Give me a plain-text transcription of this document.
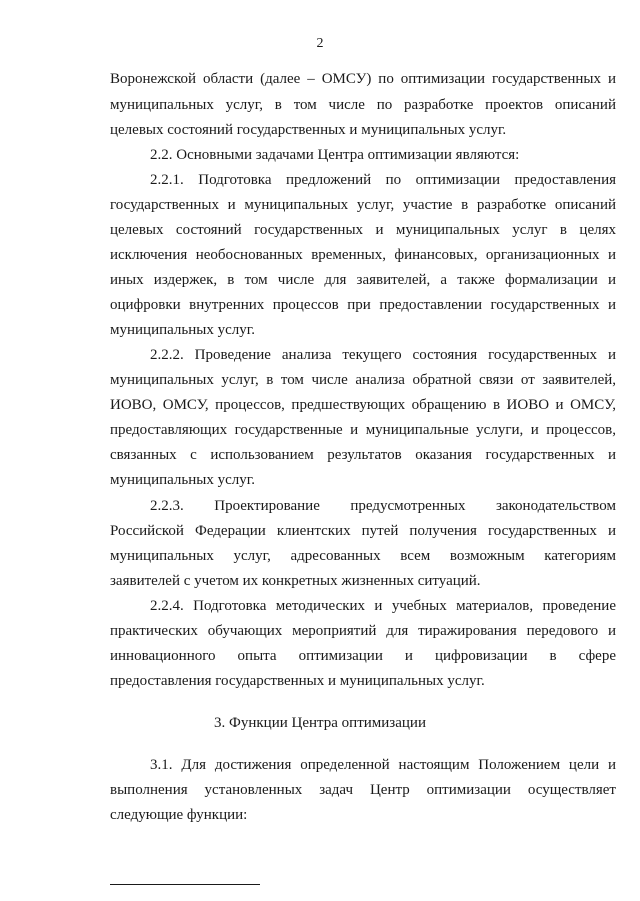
2
Воронежской области (далее – ОМСУ) по оптимизации государственных и
муниципальных услуг, в том числе по разработке проектов описаний
целевых состояний государственных и муниципальных услуг.
2.2. Основными задачами Центра оптимизации являются:
2.2.1. Подготовка предложений по оптимизации предоставления
государственных и муниципальных услуг, участие в разработке описаний
целевых состояний государственных и муниципальных услуг в целях
исключения необоснованных временных, финансовых, организационных и
иных издержек, в том числе для заявителей, а также формализации и
оцифровки внутренних процессов при предоставлении государственных и
муниципальных услуг.
2.2.2. Проведение анализа текущего состояния государственных и
муниципальных услуг, в том числе анализа обратной связи от заявителей,
ИОВО, ОМСУ, процессов, предшествующих обращению в ИОВО и ОМСУ,
предоставляющих государственные и муниципальные услуги, и процессов,
связанных с использованием результатов оказания государственных и
муниципальных услуг.
2.2.3. Проектирование предусмотренных законодательством
Российской Федерации клиентских путей получения государственных и
муниципальных услуг, адресованных всем возможным категориям
заявителей с учетом их конкретных жизненных ситуаций.
2.2.4. Подготовка методических и учебных материалов, проведение
практических обучающих мероприятий для тиражирования передового и
инновационного опыта оптимизации и цифровизации в сфере
предоставления государственных и муниципальных услуг.
3. Функции Центра оптимизации
3.1. Для достижения определенной настоящим Положением цели и
выполнения установленных задач Центр оптимизации осуществляет
следующие функции:
